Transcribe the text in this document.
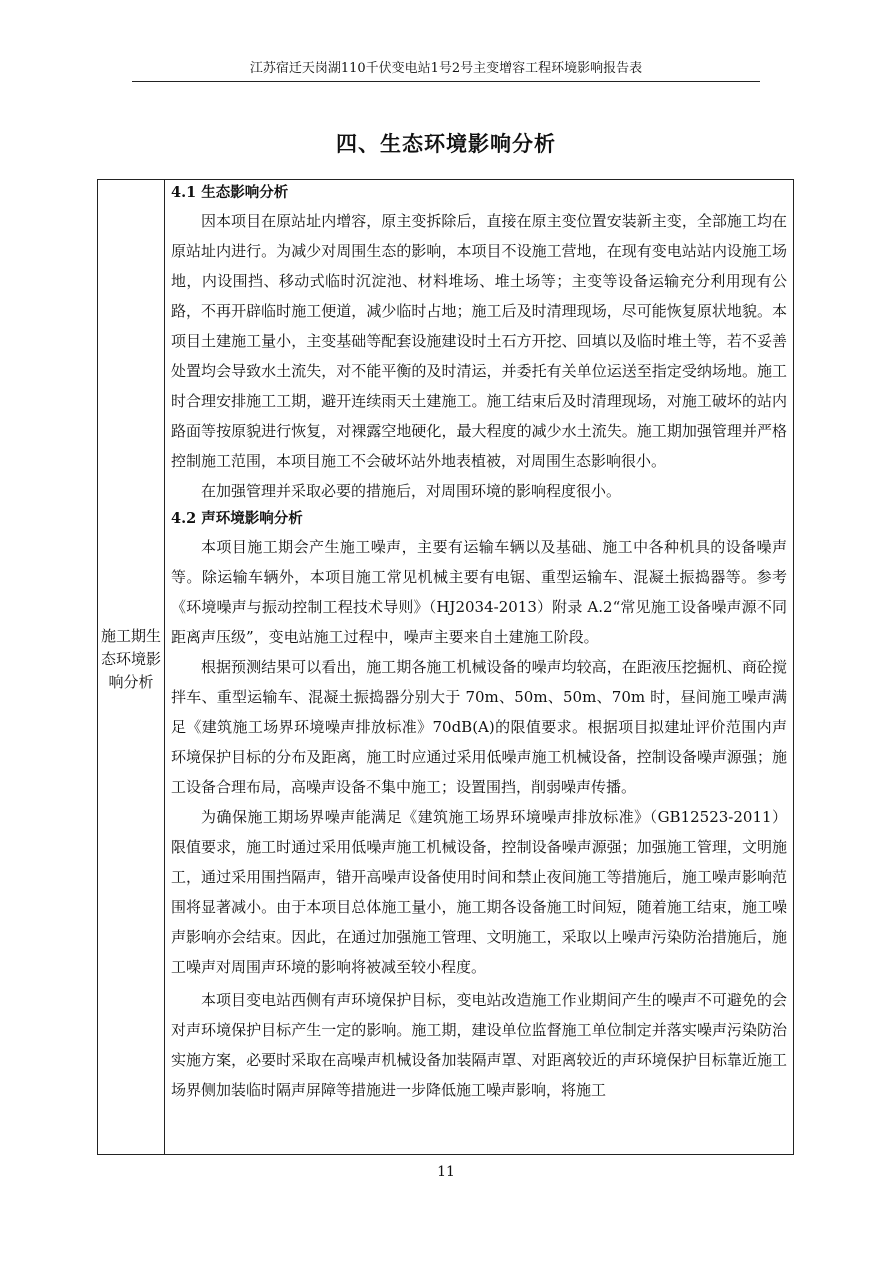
江苏宿迁天岗湖110千伏变电站1号2号主变增容工程环境影响报告表
四、生态环境影响分析
施工期生态环境影响分析
4.1 生态影响分析

因本项目在原站址内增容，原主变拆除后，直接在原主变位置安装新主变，全部施工均在原站址内进行。为减少对周围生态的影响，本项目不设施工营地，在现有变电站站内设施工场地，内设围挡、移动式临时沉淀池、材料堆场、堆土场等；主变等设备运输充分利用现有公路，不再开辟临时施工便道，减少临时占地；施工后及时清理现场，尽可能恢复原状地貌。本项目土建施工量小，主变基础等配套设施建设时土石方开挖、回填以及临时堆土等，若不妥善处置均会导致水土流失，对不能平衡的及时清运，并委托有关单位运送至指定受纳场地。施工时合理安排施工工期，避开连续雨天土建施工。施工结束后及时清理现场，对施工破坏的站内路面等按原貌进行恢复，对裸露空地硬化，最大程度的减少水土流失。施工期加强管理并严格控制施工范围，本项目施工不会破坏站外地表植被，对周围生态影响很小。

在加强管理并采取必要的措施后，对周围环境的影响程度很小。

4.2 声环境影响分析

本项目施工期会产生施工噪声，主要有运输车辆以及基础、施工中各种机具的设备噪声等。除运输车辆外，本项目施工常见机械主要有电锯、重型运输车、混凝土振捣器等。参考《环境噪声与振动控制工程技术导则》（HJ2034-2013）附录 A.2“常见施工设备噪声源不同距离声压级”，变电站施工过程中，噪声主要来自土建施工阶段。

根据预测结果可以看出，施工期各施工机械设备的噪声均较高，在距液压挖掘机、商砼搅拌车、重型运输车、混凝土振捣器分别大于 70m、50m、50m、70m 时，昼间施工噪声满足《建筑施工场界环境噪声排放标准》70dB(A)的限值要求。根据项目拟建址评价范围内声环境保护目标的分布及距离，施工时应通过采用低噪声施工机械设备，控制设备噪声源强；施工设备合理布局，高噪声设备不集中施工；设置围挡，削弱噪声传播。

为确保施工期场界噪声能满足《建筑施工场界环境噪声排放标准》（GB12523-2011）限值要求，施工时通过采用低噪声施工机械设备，控制设备噪声源强；加强施工管理，文明施工，通过采用围挡隔声，错开高噪声设备使用时间和禁止夜间施工等措施后，施工噪声影响范围将显著减小。由于本项目总体施工量小，施工期各设备施工时间短，随着施工结束，施工噪声影响亦会结束。因此，在通过加强施工管理、文明施工，采取以上噪声污染防治措施后，施工噪声对周围声环境的影响将被减至较小程度。

本项目变电站西侧有声环境保护目标，变电站改造施工作业期间产生的噪声不可避免的会对声环境保护目标产生一定的影响。施工期，建设单位监督施工单位制定并落实噪声污染防治实施方案，必要时采取在高噪声机械设备加装隔声罩、对距离较近的声环境保护目标靠近施工场界侧加装临时隔声屏障等措施进一步降低施工噪声影响，将施工

11
